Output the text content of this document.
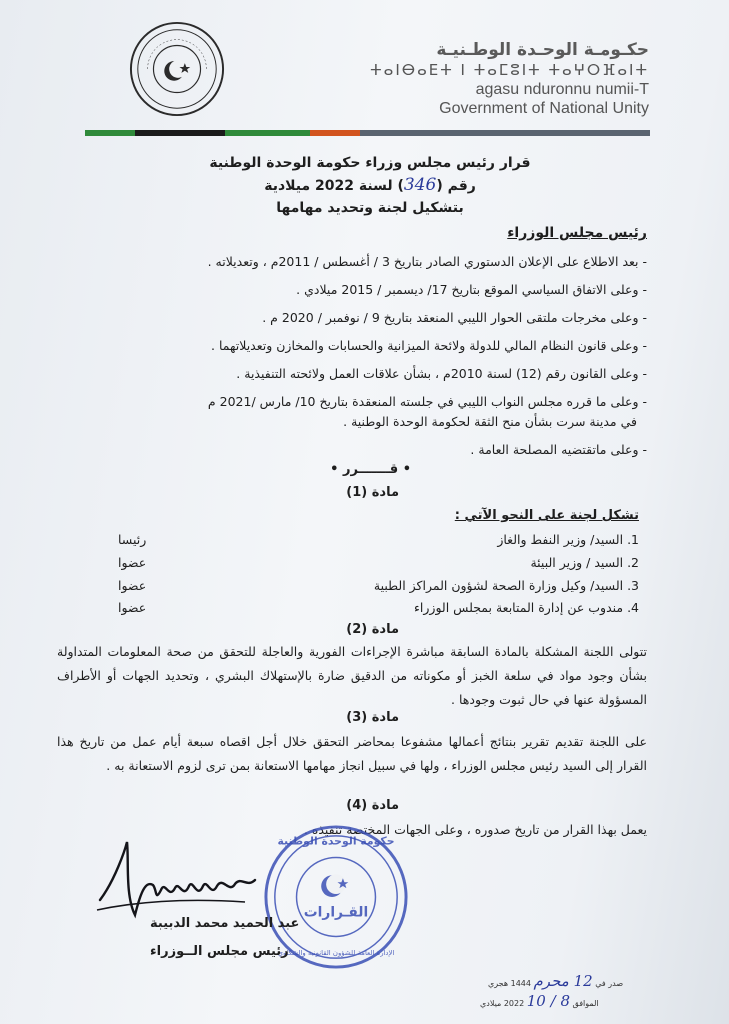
حكـومـة الوحـدة الوطـنيـة
ⵜⴰⵏⴱⴰⴹⵜ ⵏ ⵜⴰⵎⵓⵏⵜ ⵜⴰⵖⵔⴼⴰⵏⵜ
agasu nduronnu numii-T
Government of National Unity
قرار رئيس مجلس وزراء حكومة الوحدة الوطنية
رقم (346) لسنة 2022 ميلادية
بتشكيل لجنة وتحديد مهامها
رئيس مجلس الوزراء
- بعد الاطلاع على الإعلان الدستوري الصادر بتاريخ 3 / أغسطس / 2011م ، وتعديلاته .
- وعلى الاتفاق السياسي الموقع بتاريخ 17/ ديسمبر / 2015 ميلادي .
- وعلى مخرجات ملتقى الحوار الليبي المنعقد بتاريخ 9 / نوفمبر / 2020 م .
- وعلى قانون النظام المالي للدولة ولائحة الميزانية والحسابات والمخازن وتعديلاتهما .
- وعلى القانون رقم (12) لسنة 2010م ، بشأن علاقات العمل ولائحته التنفيذية .
- وعلى ما قرره مجلس النواب الليبي في جلسته المنعقدة بتاريخ 10/ مارس /2021 م
في مدينة سرت بشأن منح الثقة لحكومة الوحدة الوطنية .
- وعلى ماتقتضيه المصلحة العامة .
• قـــــــرر •
مادة (1)
تشكل لجنة على النحو الآتي :
1. السيد/ وزير النفط والغاز
رئيسا
2. السيد / وزير البيئة
عضوا
3. السيد/ وكيل وزارة الصحة لشؤون المراكز الطبية
عضوا
4. مندوب عن إدارة المتابعة بمجلس الوزراء
عضوا
مادة (2)
تتولى اللجنة المشكلة بالمادة السابقة مباشرة الإجراءات الفورية والعاجلة للتحقق من صحة المعلومات المتداولة بشأن وجود مواد في سلعة الخبز أو مكوناته من الدقيق ضارة بالإستهلاك البشري ، وتحديد الجهات أو الأطراف المسؤولة عنها في حال ثبوت وجودها .
مادة (3)
على اللجنة تقديم تقرير بنتائج أعمالها مشفوعا بمحاضر التحقق خلال أجل اقصاه سبعة أيام عمل من تاريخ هذا القرار إلى السيد رئيس مجلس الوزراء ، ولها في سبيل انجاز مهامها الاستعانة بمن ترى لزوم الاستعانة به .
مادة (4)
يعمل بهذا القرار من تاريخ صدوره ، وعلى الجهات المختصة تنفيذه .
القـرارات
حكومة الوحدة الوطنية
الإدارة العامة للشؤون القانونية والشكاوي
عبد الحميد محمد الدبيبة
رئيس مجلس الــوزراء
صدر في 12 محرم 1444 هجري
الموافق 8 / 10 2022 ميلادي
